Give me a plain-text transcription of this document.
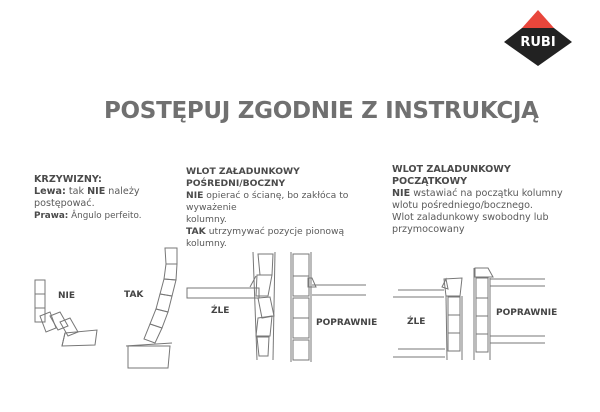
RUBI
POSTĘPUJ ZGODNIE Z INSTRUKCJĄ
KRZYWIZNY:
Lewa: tak NIE należy
postępować.
Prawa: Ângulo perfeito.
WLOT ZAŁADUNKOWY POŚREDNI/BOCZNY
NIE opierać o ścianę, bo zakłóca to wyważenie
kolumny.
TAK utrzymywać pozycje pionową kolumny.
WLOT ZALADUNKOWY
POCZĄTKOWY
NIE wstawiać na początku kolumny
wlotu pośredniego/bocznego.
Wlot zaladunkowy swobodny lub
przymocowany
NIE	TAK
ŹLE
POPRAWNIE	ŹLE
POPRAWNIE
